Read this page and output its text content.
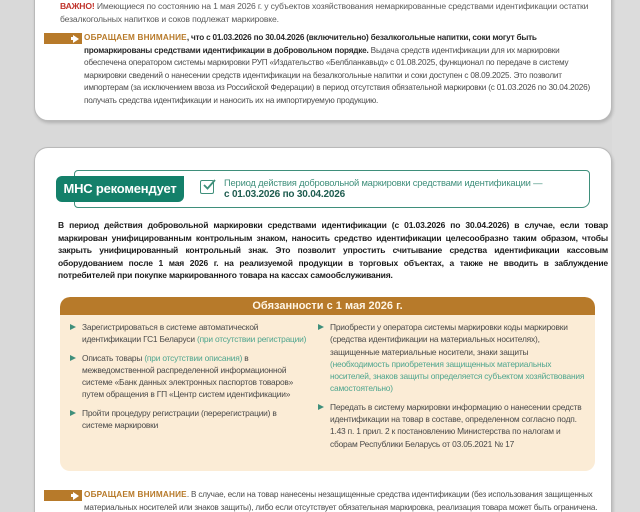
ВАЖНО! Имеющиеся по состоянию на 1 мая 2026 г. у субъектов хозяйствования немаркированные средствами идентификации остатки безалкогольных напитков и соков подлежат маркировке.
ОБРАЩАЕМ ВНИМАНИЕ, что с 01.03.2026 по 30.04.2026 (включительно) безалкогольные напитки, соки могут быть промаркированы средствами идентификации в добровольном порядке. Выдача средств идентификации для их маркировки обеспечена оператором системы маркировки РУП «Издательство «Белбланкавыд» с 01.08.2025, функционал по передаче в систему маркировки сведений о нанесении средств идентификации на безалкогольные напитки и соки доступен с 08.09.2025. Это позволит импортерам (за исключением ввоза из Российской Федерации) в период отсутствия обязательной маркировки (с 01.03.2026 по 30.04.2026) получать средства идентификации и наносить их на импортируемую продукцию.
МНС рекомендует	Период действия добровольной маркировки средствами идентификации —
с 01.03.2026 по 30.04.2026
В период действия добровольной маркировки средствами идентификации (с 01.03.2026 по 30.04.2026) в случае, если товар маркирован унифицированным контрольным знаком, наносить средство идентификации целесообразно таким образом, чтобы закрыть унифицированный контрольный знак. Это позволит упростить считывание средства идентификации кассовым оборудованием после 1 мая 2026 г. на реализуемой продукции в торговых объектах, а также не вводить в заблуждение потребителей при покупке маркированного товара на кассах самообслуживания.
Обязанности с 1 мая 2026 г.
Зарегистрироваться в системе автоматической идентификации ГС1 Беларуси (при отсутствии регистрации)
Описать товары (при отсутствии описания) в межведомственной распределенной информационной системе «Банк данных электронных паспортов товаров» путем обращения в ГП «Центр систем идентификации»
Пройти процедуру регистрации (перерегистрации) в системе маркировки
Приобрести у оператора системы маркировки коды маркировки (средства идентификации на материальных носителях), защищенные материальные носители, знаки защиты (необходимость приобретения защищенных материальных носителей, знаков защиты определяется субъектом хозяйствования самостоятельно)
Передать в систему маркировки информацию о нанесении средств идентификации на товар в составе, определенном согласно подп. 1.43 п. 1 прил. 2 к постановлению Министерства по налогам и сборам Республики Беларусь от 03.05.2021 № 17
ОБРАЩАЕМ ВНИМАНИЕ. В случае, если на товар нанесены незащищенные средства идентификации (без использования защищенных материальных носителей или знаков защиты), либо если отсутствует обязательная маркировка, реализация товара может быть ограничена.
